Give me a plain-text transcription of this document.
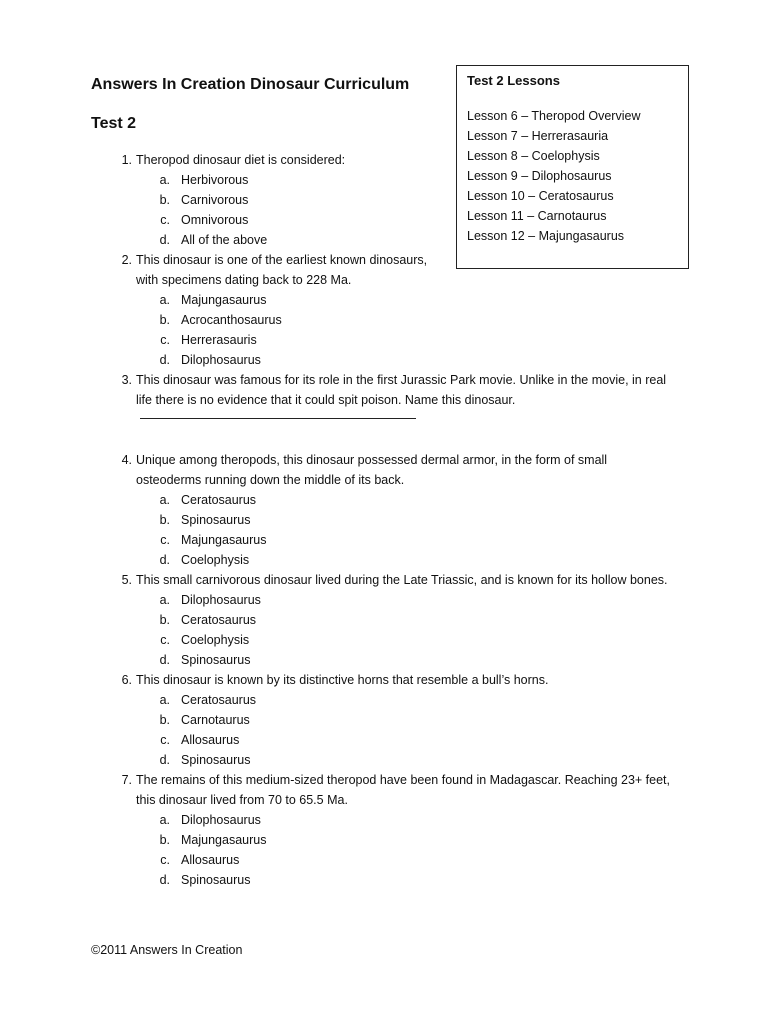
Answers In Creation Dinosaur Curriculum
Test 2
Test 2 Lessons
Lesson 6 – Theropod Overview
Lesson 7 – Herrerasauria
Lesson 8 – Coelophysis
Lesson 9 – Dilophosaurus
Lesson 10 – Ceratosaurus
Lesson 11 – Carnotaurus
Lesson 12 – Majungasaurus
1. Theropod dinosaur diet is considered:
a. Herbivorous
b. Carnivorous
c. Omnivorous
d. All of the above
2. This dinosaur is one of the earliest known dinosaurs,
with specimens dating back to 228 Ma.
a. Majungasaurus
b. Acrocanthosaurus
c. Herrerasauris
d. Dilophosaurus
3. This dinosaur was famous for its role in the first Jurassic Park movie. Unlike in the movie, in real
life there is no evidence that it could spit poison. Name this dinosaur.
4. Unique among theropods, this dinosaur possessed dermal armor, in the form of small
osteoderms running down the middle of its back.
a. Ceratosaurus
b. Spinosaurus
c. Majungasaurus
d. Coelophysis
5. This small carnivorous dinosaur lived during the Late Triassic, and is known for its hollow bones.
a. Dilophosaurus
b. Ceratosaurus
c. Coelophysis
d. Spinosaurus
6. This dinosaur is known by its distinctive horns that resemble a bull’s horns.
a. Ceratosaurus
b. Carnotaurus
c. Allosaurus
d. Spinosaurus
7. The remains of this medium-sized theropod have been found in Madagascar. Reaching 23+ feet,
this dinosaur lived from 70 to 65.5 Ma.
a. Dilophosaurus
b. Majungasaurus
c. Allosaurus
d. Spinosaurus
©2011 Answers In Creation
